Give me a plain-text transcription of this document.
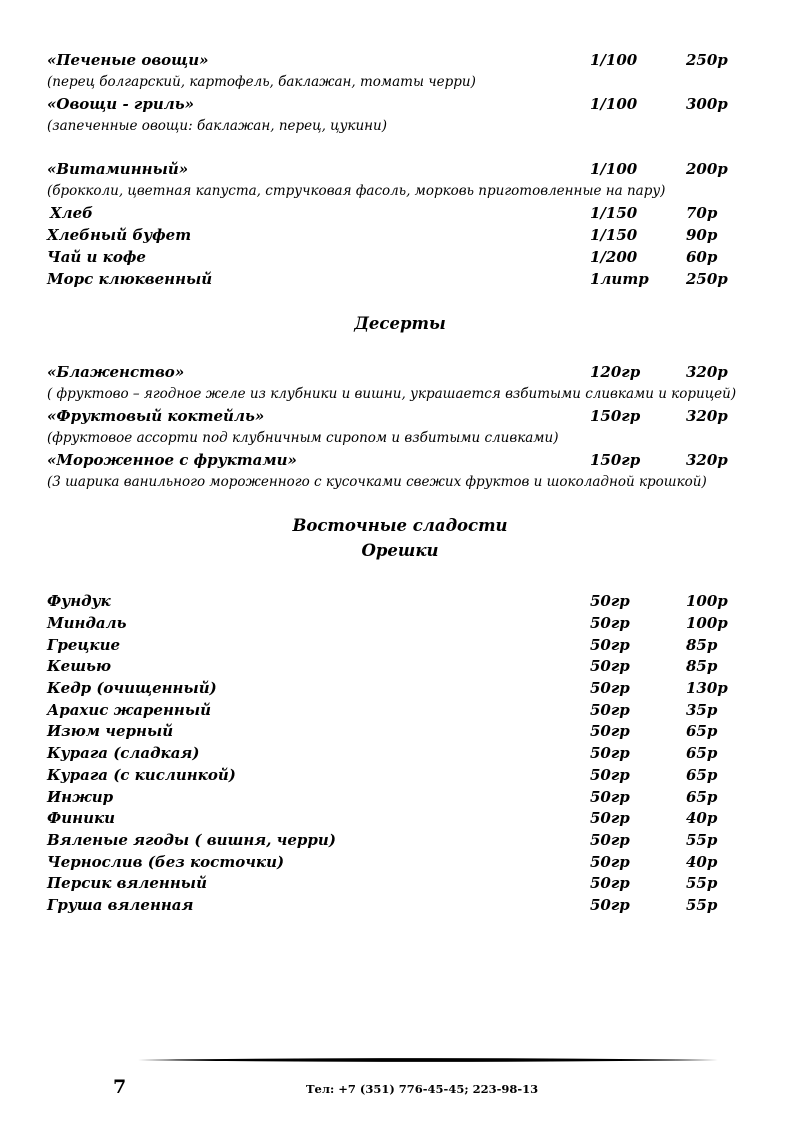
«Печеные овощи»	1/100	250р
(перец болгарский, картофель, баклажан, томаты черри)
«Овощи - гриль»	1/100	300р
(запеченные овощи: баклажан, перец, цукини)
«Витаминный»	1/100	200р
(брокколи, цветная капуста, стручковая фасоль, морковь приготовленные на пару)
Хлеб	1/150	70р
Хлебный буфет	1/150	90р
Чай и кофе	1/200	60р
Морс клюквенный	1литр 250р
Десерты
«Блаженство»	120гр	320р
( фруктово – ягодное желе из клубники и вишни, украшается взбитыми сливками и корицей)
«Фруктовый коктейль»	150гр	320р
(фруктовое ассорти под клубничным сиропом и взбитыми сливками)
«Мороженное с фруктами»	150гр	320р
(3 шарика ванильного мороженного с кусочками свежих фруктов и шоколадной крошкой)
Восточные сладости
Орешки
Фундук	50гр	100р
Миндаль	50гр	100р
Грецкие	50гр	85р
Кешью	50гр	85р
Кедр (очищенный)	50гр	130р
Арахис жаренный	50гр	35р
Изюм черный	50гр	65р
Курага (сладкая)	50гр	65р
Курага (с кислинкой)	50гр	65р
Инжир	50гр	65р
Финики	50гр	40р
Вяленые ягоды ( вишня, черри)	50гр	55р
Чернослив (без косточки)	50гр	40р
Персик вяленный	50гр	55р
Груша вяленная	50гр	55р
7	Тел: +7 (351) 776-45-45; 223-98-13
